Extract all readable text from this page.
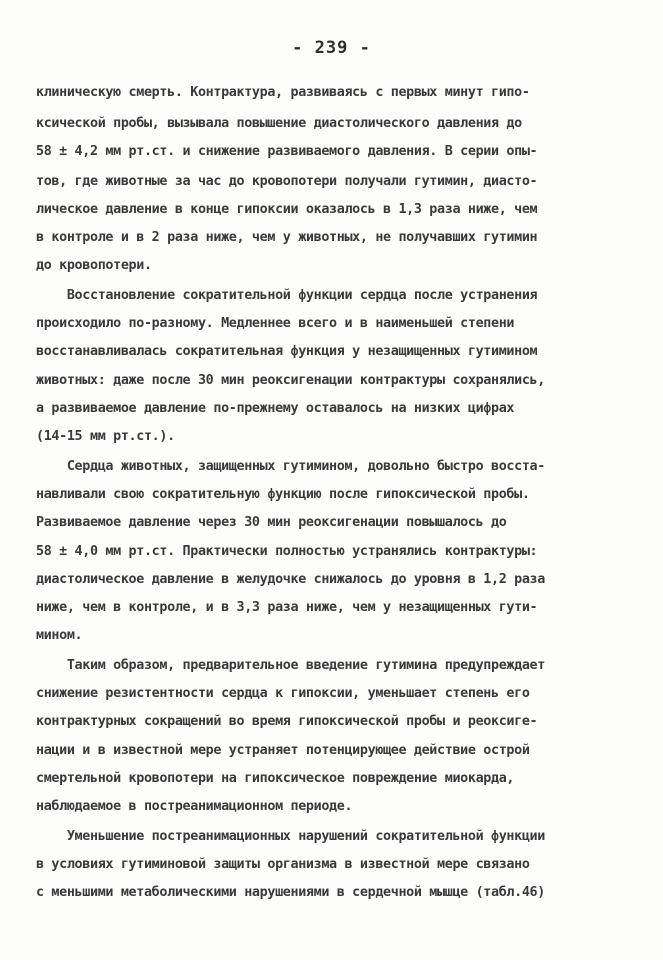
- 239 -
клиническую смерть. Контрактура, развиваясь с первых минут гипо-
ксической пробы, вызывала повышение диастолического давления до
58 ± 4,2 мм рт.ст. и снижение развиваемого давления. В серии опы-
тов, где животные за час до кровопотери получали гутимин, диасто-
лическое давление в конце гипоксии оказалось в 1,3 раза ниже, чем
в контроле и в 2 раза ниже, чем у животных, не получавших гутимин
до кровопотери.
Восстановление сократительной функции сердца после устранения
происходило по-разному. Медленнее всего и в наименьшей степени
восстанавливалась сократительная функция у незащищенных гутимином
животных: даже после 30 мин реоксигенации контрактуры сохранялись,
а развиваемое давление по-прежнему оставалось на низких цифрах
(14-15 мм рт.ст.).
Сердца животных, защищенных гутимином, довольно быстро восста-
навливали свою сократительную функцию после гипоксической пробы.
Развиваемое давление через 30 мин реоксигенации повышалось до
58 ± 4,0 мм рт.ст. Практически полностью устранялись контрактуры:
диастолическое давление в желудочке снижалось до уровня в 1,2 раза
ниже, чем в контроле, и в 3,3 раза ниже, чем у незащищенных гути-
мином.
Таким образом, предварительное введение гутимина предупреждает
снижение резистентности сердца к гипоксии, уменьшает степень его
контрактурных сокращений во время гипоксической пробы и реоксиге-
нации и в известной мере устраняет потенцирующее действие острой
смертельной кровопотери на гипоксическое повреждение миокарда,
наблюдаемое в постреанимационном периоде.
Уменьшение постреанимационных нарушений сократительной функции
в условиях гутиминовой защиты организма в известной мере связано
с меньшими метаболическими нарушениями в сердечной мышце (табл.46)
